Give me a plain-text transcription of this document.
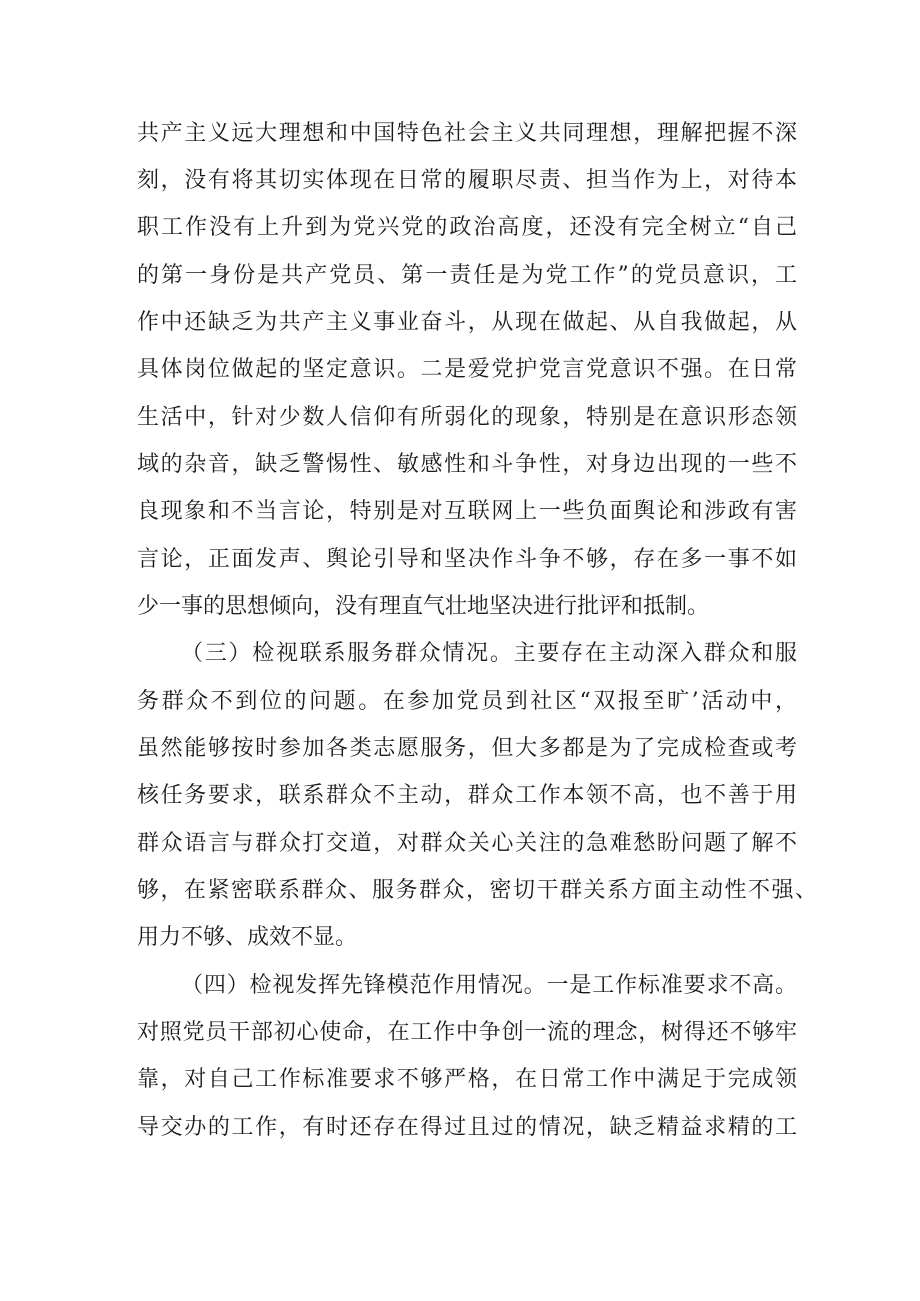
共产主义远大理想和中国特色社会主义共同理想，理解把握不深
刻，没有将其切实体现在日常的履职尽责、担当作为上，对待本
职工作没有上升到为党兴党的政治高度，还没有完全树立“自己
的第一身份是共产党员、第一责任是为党工作”的党员意识，工
作中还缺乏为共产主义事业奋斗，从现在做起、从自我做起，从
具体岗位做起的坚定意识。二是爱党护党言党意识不强。在日常
生活中，针对少数人信仰有所弱化的现象，特别是在意识形态领
域的杂音，缺乏警惕性、敏感性和斗争性，对身边出现的一些不
良现象和不当言论，特别是对互联网上一些负面舆论和涉政有害
言论，正面发声、舆论引导和坚决作斗争不够，存在多一事不如
少一事的思想倾向，没有理直气壮地坚决进行批评和抵制。
（三）检视联系服务群众情况。主要存在主动深入群众和服
务群众不到位的问题。在参加党员到社区“双报至旷’活动中，
虽然能够按时参加各类志愿服务，但大多都是为了完成检查或考
核任务要求，联系群众不主动，群众工作本领不高，也不善于用
群众语言与群众打交道，对群众关心关注的急难愁盼问题了解不
够，在紧密联系群众、服务群众，密切干群关系方面主动性不强、
用力不够、成效不显。
（四）检视发挥先锋模范作用情况。一是工作标准要求不高。
对照党员干部初心使命，在工作中争创一流的理念，树得还不够牢
靠，对自己工作标准要求不够严格，在日常工作中满足于完成领
导交办的工作，有时还存在得过且过的情况，缺乏精益求精的工
